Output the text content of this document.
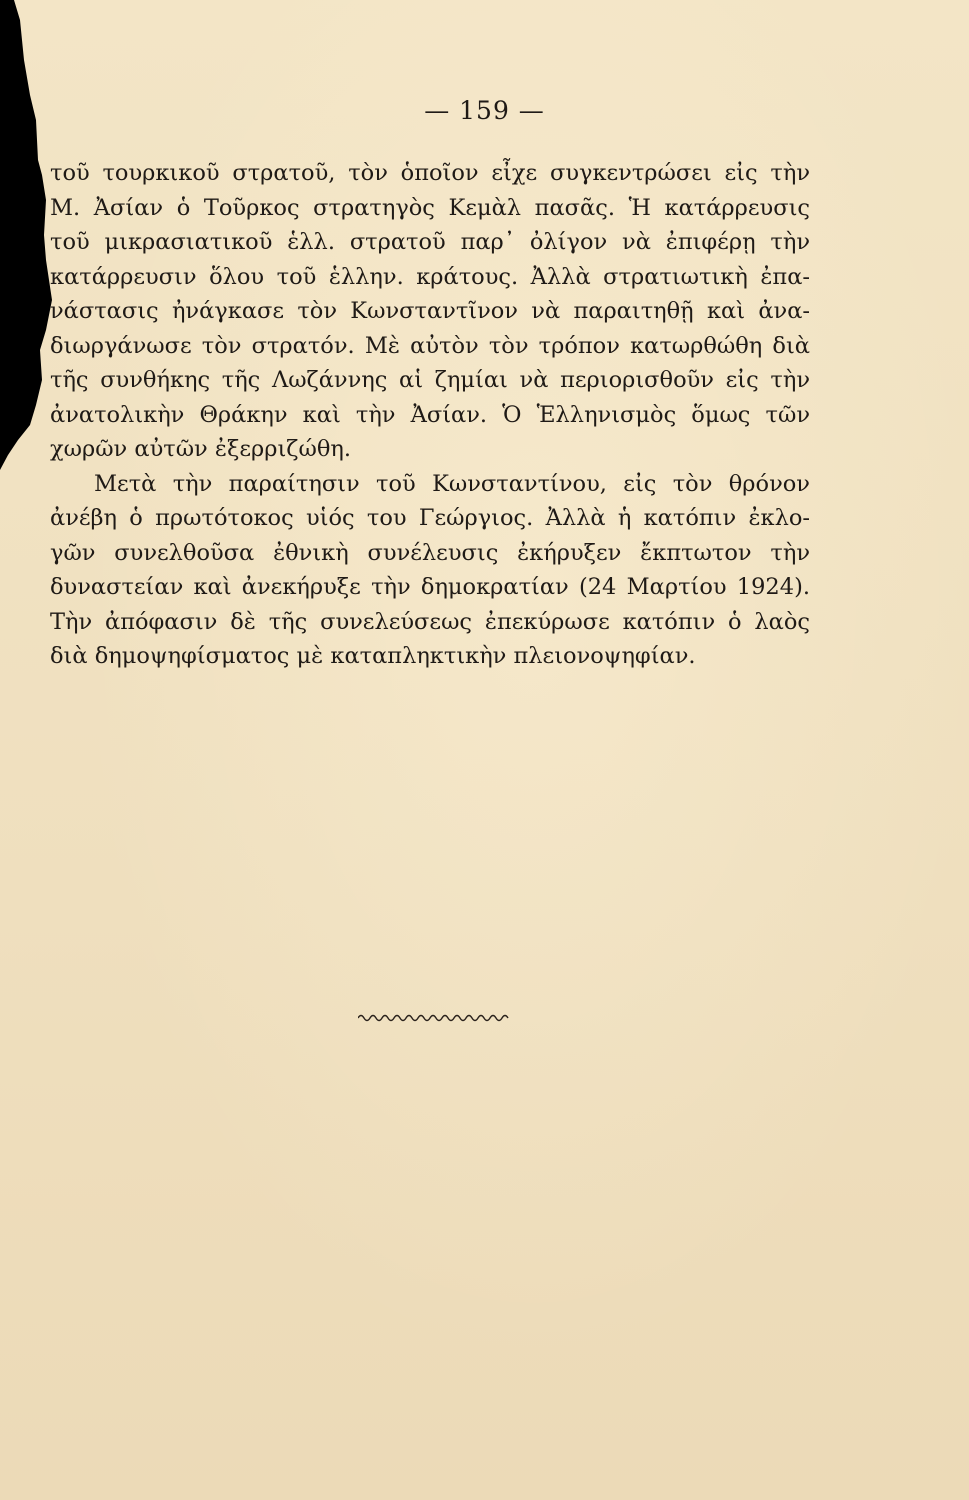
— 159 —
τοῦ τουρκικοῦ στρατοῦ, τὸν ὁποῖον εἶχε συγκεντρώσει εἰς τὴν
Μ. Ἀσίαν ὁ Τοῦρκος στρατηγὸς Κεμὰλ πασᾶς. Ἡ κατάρρευσις
τοῦ μικρασιατικοῦ ἑλλ. στρατοῦ παρ᾽ ὀλίγον νὰ ἐπιφέρῃ τὴν
κατάρρευσιν ὅλου τοῦ ἑλλην. κράτους. Ἀλλὰ στρατιωτικὴ ἐπα-
νάστασις ἠνάγκασε τὸν Κωνσταντῖνον νὰ παραιτηθῇ καὶ ἀνα-
διωργάνωσε τὸν στρατόν. Μὲ αὐτὸν τὸν τρόπον κατωρθώθη διὰ
τῆς συνθήκης τῆς Λωζάννης αἱ ζημίαι νὰ περιορισθοῦν εἰς τὴν
ἀνατολικὴν Θράκην καὶ τὴν Ἀσίαν. Ὁ Ἑλληνισμὸς ὅμως τῶν
χωρῶν αὐτῶν ἐξερριζώθη.
Μετὰ τὴν παραίτησιν τοῦ Κωνσταντίνου, εἰς τὸν θρόνον
ἀνέβη ὁ πρωτότοκος υἱός του Γεώργιος. Ἀλλὰ ἡ κατόπιν ἐκλο-
γῶν συνελθοῦσα ἐθνικὴ συνέλευσις ἐκήρυξεν ἔκπτωτον τὴν
δυναστείαν καὶ ἀνεκήρυξε τὴν δημοκρατίαν (24 Μαρτίου 1924).
Τὴν ἀπόφασιν δὲ τῆς συνελεύσεως ἐπεκύρωσε κατόπιν ὁ λαὸς
διὰ δημοψηφίσματος μὲ καταπληκτικὴν πλειονοψηφίαν.
